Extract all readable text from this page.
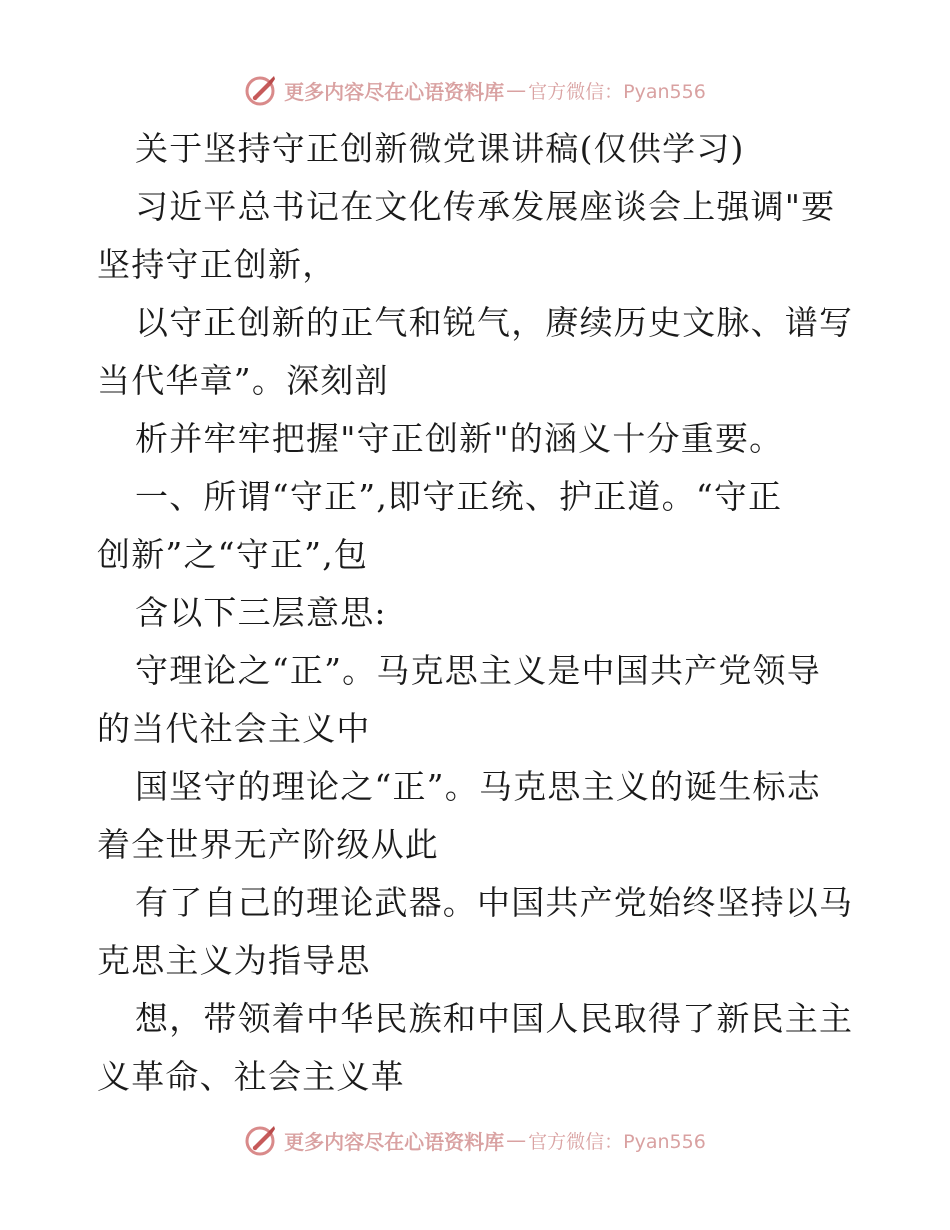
更多内容尽在心语资料库 — 官方微信：Pyan556
关于坚持守正创新微党课讲稿(仅供学习)
习近平总书记在文化传承发展座谈会上强调"要
坚持守正创新，
以守正创新的正气和锐气，赓续历史文脉、谱写
当代华章”。深刻剖
析并牢牢把握"守正创新"的涵义十分重要。
一、所谓“守正”,即守正统、护正道。“守正
创新”之“守正”,包
含以下三层意思:
守理论之“正”。马克思主义是中国共产党领导
的当代社会主义中
国坚守的理论之“正”。马克思主义的诞生标志
着全世界无产阶级从此
有了自己的理论武器。中国共产党始终坚持以马
克思主义为指导思
想，带领着中华民族和中国人民取得了新民主主
义革命、社会主义革
更多内容尽在心语资料库 — 官方微信：Pyan556
